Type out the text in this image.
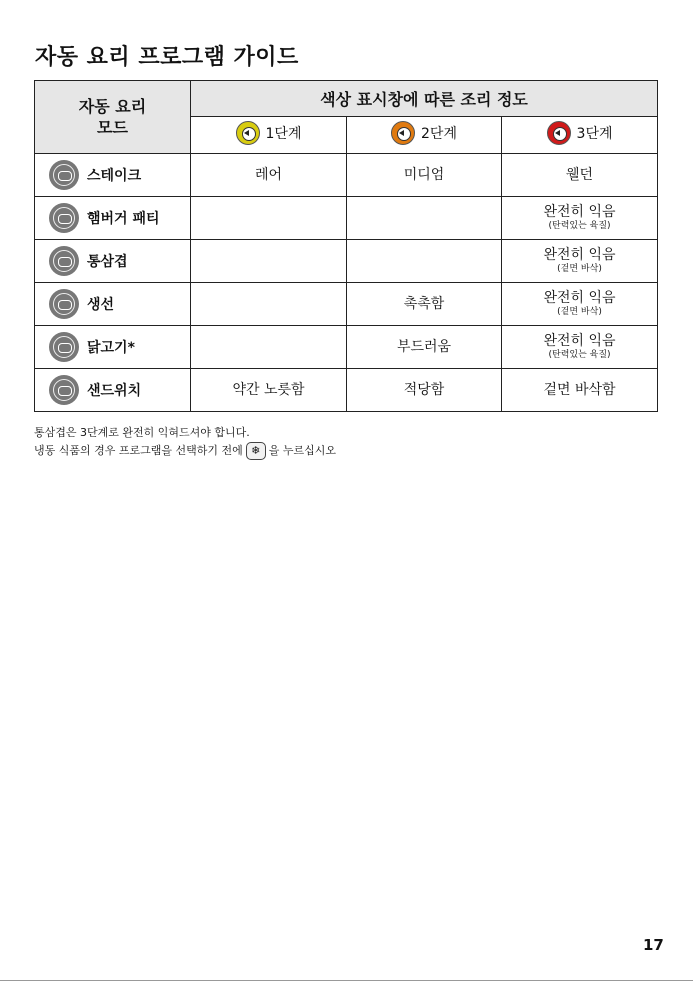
자동 요리 프로그램 가이드
자동 요리
모드	색상 표시창에 따른 조리 정도		

	1단계	2단계	3단계

스테이크	레어	미디엄	웰던

햄버거 패티			완전히 익음
(탄력있는 육질)

통삼겹			완전히 익음
(겉면 바삭)

생선		촉촉함	완전히 익음
(겉면 바삭)

닭고기*		부드러움	완전히 익음
(탄력있는 육질)

샌드위치	약간 노릇함	적당함	겉면 바삭함
통삼겹은 3단계로 완전히 익혀드셔야 합니다.
냉동 식품의 경우 프로그램을 선택하기 전에 ❄ 을 누르십시오
17
